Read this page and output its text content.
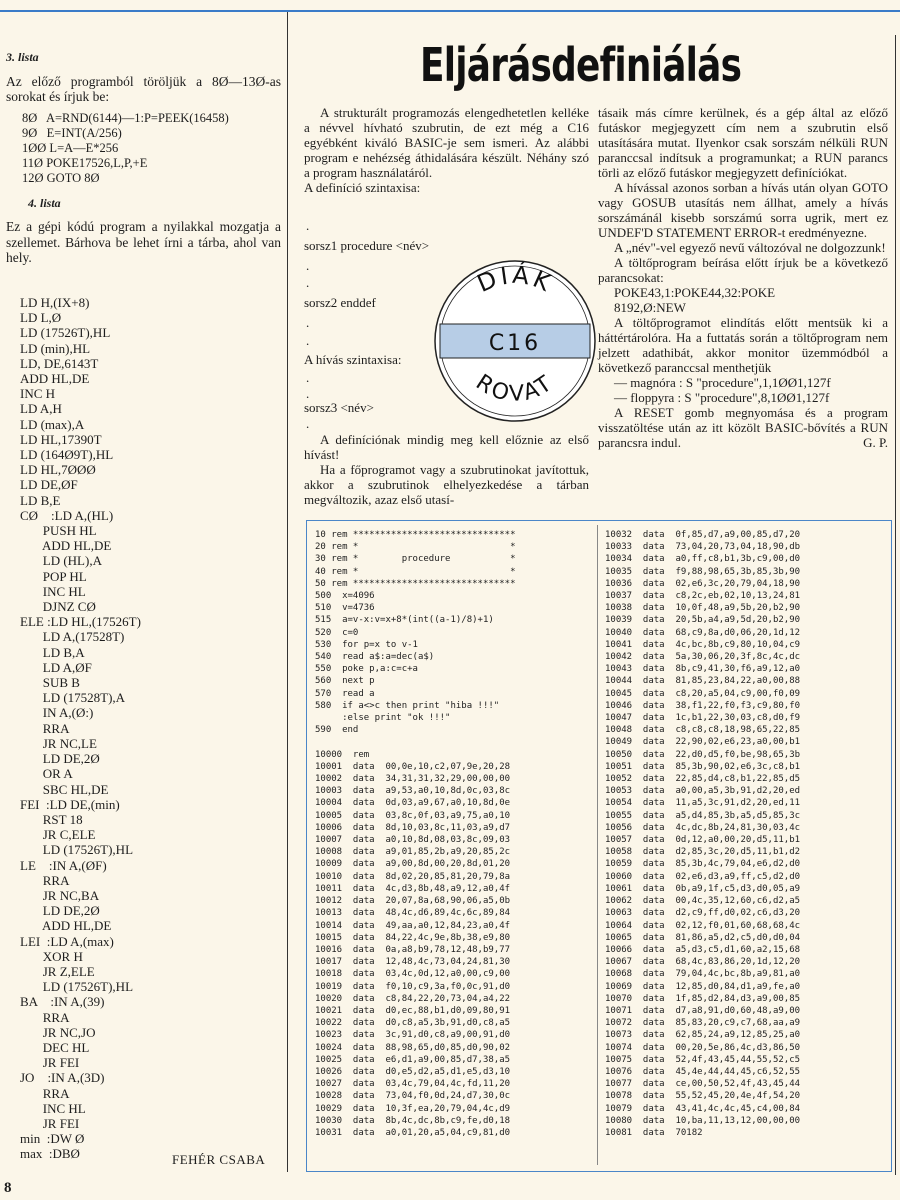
3. lista

Az előző programból töröljük a 8Ø—13Ø-as sorokat és írjuk be:

8Ø   A=RND(6144)—1:P=PEEK(16458)
9Ø   E=INT(A/256)
1ØØ L=A—E*256
11Ø POKE17526,L,P,+E
12Ø GOTO 8Ø

4. lista

Ez a gépi kódú program a nyilakkal mozgatja a szellemet. Bárhova be lehet írni a tárba, ahol van hely.

LD H,(IX+8)
LD L,Ø
LD (17526T),HL
LD (min),HL
LD, DE,6143T
ADD HL,DE
INC H
LD A,H
LD (max),A
LD HL,17390T
LD (164Ø9T),HL
LD HL,7ØØØ
LD DE,ØF
LD B,E
CØ    :LD A,(HL)
PUSH HL
ADD HL,DE
LD (HL),A
POP HL
INC HL
DJNZ CØ
ELE :LD HL,(17526T)
LD A,(17528T)
LD B,A
LD A,ØF
SUB B
LD (17528T),A
IN A,(Ø:)
RRA
JR NC,LE
LD DE,2Ø
OR A
SBC HL,DE
FEI  :LD DE,(min)
RST 18
JR C,ELE
LD (17526T),HL
LE    :IN A,(ØF)
RRA
JR NC,BA
LD DE,2Ø
ADD HL,DE
LEI  :LD A,(max)
XOR H
JR Z,ELE
LD (17526T),HL
BA    :IN A,(39)
RRA
JR NC,JO
DEC HL
JR FEI
JO    :IN A,(3D)
RRA
INC HL
JR FEI
min  :DW Ø
max  :DBØ	FEHÉR CSABA
Eljárásdefiniálás

A strukturált programozás elengedhetetlen kelléke a névvel hívható szubrutin, de ezt még a C16 egyébként kiváló BASIC-je sem ismeri. Az alábbi program e nehézség áthidalására készült. Néhány szó a program használatáról.

A definíció szintaxisa:

.
sorsz1 procedure <név>
.
.
sorsz2 enddef
.
.
A hívás szintaxisa:
.
.
sorsz3 <név>
.

A definíciónak mindig meg kell előznie az első hívást!

Ha a főprogramot vagy a szubrutinokat javítottuk, akkor a szubrutinok elhelyezkedése a tárban megváltozik, azaz első utasí-

DIÁK
C16
ROVAT

tásaik más címre kerülnek, és a gép által az előző futáskor megjegyzett cím nem a szubrutin első utasítására mutat. Ilyenkor csak sorszám nélküli RUN paranccsal indítsuk a programunkat; a RUN parancs törli az előző futáskor megjegyzett definíciókat.

A hívással azonos sorban a hívás után olyan GOTO vagy GOSUB utasítás nem állhat, amely a hívás sorszámánál kisebb sorszámú sorra ugrik, mert ez UNDEF'D STATEMENT ERROR-t eredményezne.

A „név"-vel egyező nevű változóval ne dolgozzunk!

A töltőprogram beírása előtt írjuk be a következő parancsokat:

POKE43,1:POKE44,32:POKE

8192,Ø:NEW

A töltőprogramot elindítás előtt mentsük ki a háttértárolóra. Ha a futtatás során a töltőprogram nem jelzett adathibát, akkor monitor üzemmódból a következő paranccsal menthetjük

— magnóra : S "procedure",1,1ØØ1,127f

— floppyra : S "procedure",8,1ØØ1,127f

A RESET gomb megnyomása és a program visszatöltése után az itt közölt BASIC-bővítés a RUN parancsra indul.	G. P.

10 rem ******************************
20 rem *                            *
30 rem *        procedure           *
40 rem *                            *
50 rem ******************************
500  x=4096
510  v=4736
515  a=v-x:v=x+8*(int((a-1)/8)+1)
520  c=0
530  for p=x to v-1
540  read a$:a=dec(a$)
550  poke p,a:c=c+a
560  next p
570  read a
580  if a<>c then print "hiba !!!"
:else print "ok !!!"
590  end

10000  rem
10001  data  00,0e,10,c2,07,9e,20,28
10002  data  34,31,31,32,29,00,00,00
10003  data  a9,53,a0,10,8d,0c,03,8c
10004  data  0d,03,a9,67,a0,10,8d,0e
10005  data  03,8c,0f,03,a9,75,a0,10
10006  data  8d,10,03,8c,11,03,a9,d7
10007  data  a0,10,8d,08,03,8c,09,03
10008  data  a9,01,85,2b,a9,20,85,2c
10009  data  a9,00,8d,00,20,8d,01,20
10010  data  8d,02,20,85,81,20,79,8a
10011  data  4c,d3,8b,48,a9,12,a0,4f
10012  data  20,07,8a,68,90,06,a5,0b
10013  data  48,4c,d6,89,4c,6c,89,84
10014  data  49,aa,a0,12,84,23,a0,4f
10015  data  84,22,4c,9e,8b,38,e9,80
10016  data  0a,a8,b9,78,12,48,b9,77
10017  data  12,48,4c,73,04,24,81,30
10018  data  03,4c,0d,12,a0,00,c9,00
10019  data  f0,10,c9,3a,f0,0c,91,d0
10020  data  c8,84,22,20,73,04,a4,22
10021  data  d0,ec,88,b1,d0,09,80,91
10022  data  d0,c8,a5,3b,91,d0,c8,a5
10023  data  3c,91,d0,c8,a9,00,91,d0
10024  data  88,98,65,d0,85,d0,90,02
10025  data  e6,d1,a9,00,85,d7,38,a5
10026  data  d0,e5,d2,a5,d1,e5,d3,10
10027  data  03,4c,79,04,4c,fd,11,20
10028  data  73,04,f0,0d,24,d7,30,0c
10029  data  10,3f,ea,20,79,04,4c,d9
10030  data  8b,4c,dc,8b,c9,fe,d0,18
10031  data  a0,01,20,a5,04,c9,81,d0
10032  data  0f,85,d7,a9,00,85,d7,20
10033  data  73,04,20,73,04,18,90,db
10034  data  a0,ff,c8,b1,3b,c9,00,d0
10035  data  f9,88,98,65,3b,85,3b,90
10036  data  02,e6,3c,20,79,04,18,90
10037  data  c8,2c,eb,02,10,13,24,81
10038  data  10,0f,48,a9,5b,20,b2,90
10039  data  20,5b,a4,a9,5d,20,b2,90
10040  data  68,c9,8a,d0,06,20,1d,12
10041  data  4c,bc,8b,c9,80,10,04,c9
10042  data  5a,30,06,20,3f,8c,4c,dc
10043  data  8b,c9,41,30,f6,a9,12,a0
10044  data  81,85,23,84,22,a0,00,88
10045  data  c8,20,a5,04,c9,00,f0,09
10046  data  38,f1,22,f0,f3,c9,80,f0
10047  data  1c,b1,22,30,03,c8,d0,f9
10048  data  c8,c8,c8,18,98,65,22,85
10049  data  22,90,02,e6,23,a0,00,b1
10050  data  22,d0,d5,f0,be,98,65,3b
10051  data  85,3b,90,02,e6,3c,c8,b1
10052  data  22,85,d4,c8,b1,22,85,d5
10053  data  a0,00,a5,3b,91,d2,20,ed
10054  data  11,a5,3c,91,d2,20,ed,11
10055  data  a5,d4,85,3b,a5,d5,85,3c
10056  data  4c,dc,8b,24,81,30,03,4c
10057  data  0d,12,a0,00,20,d5,11,b1
10058  data  d2,85,3c,20,d5,11,b1,d2
10059  data  85,3b,4c,79,04,e6,d2,d0
10060  data  02,e6,d3,a9,ff,c5,d2,d0
10061  data  0b,a9,1f,c5,d3,d0,05,a9
10062  data  00,4c,35,12,60,c6,d2,a5
10063  data  d2,c9,ff,d0,02,c6,d3,20
10064  data  02,12,f0,01,60,68,68,4c
10065  data  81,86,a5,d2,c5,d0,d0,04
10066  data  a5,d3,c5,d1,60,a2,15,68
10067  data  68,4c,83,86,20,1d,12,20
10068  data  79,04,4c,bc,8b,a9,81,a0
10069  data  12,85,d0,84,d1,a9,fe,a0
10070  data  1f,85,d2,84,d3,a9,00,85
10071  data  d7,a8,91,d0,60,48,a9,00
10072  data  85,83,20,c9,c7,68,aa,a9
10073  data  62,85,24,a9,12,85,25,a0
10074  data  00,20,5e,86,4c,d3,86,50
10075  data  52,4f,43,45,44,55,52,c5
10076  data  45,4e,44,44,45,c6,52,55
10077  data  ce,00,50,52,4f,43,45,44
10078  data  55,52,45,20,4e,4f,54,20
10079  data  43,41,4c,4c,45,c4,00,84
10080  data  10,ba,11,13,12,00,00,00
10081  data  70182
8
